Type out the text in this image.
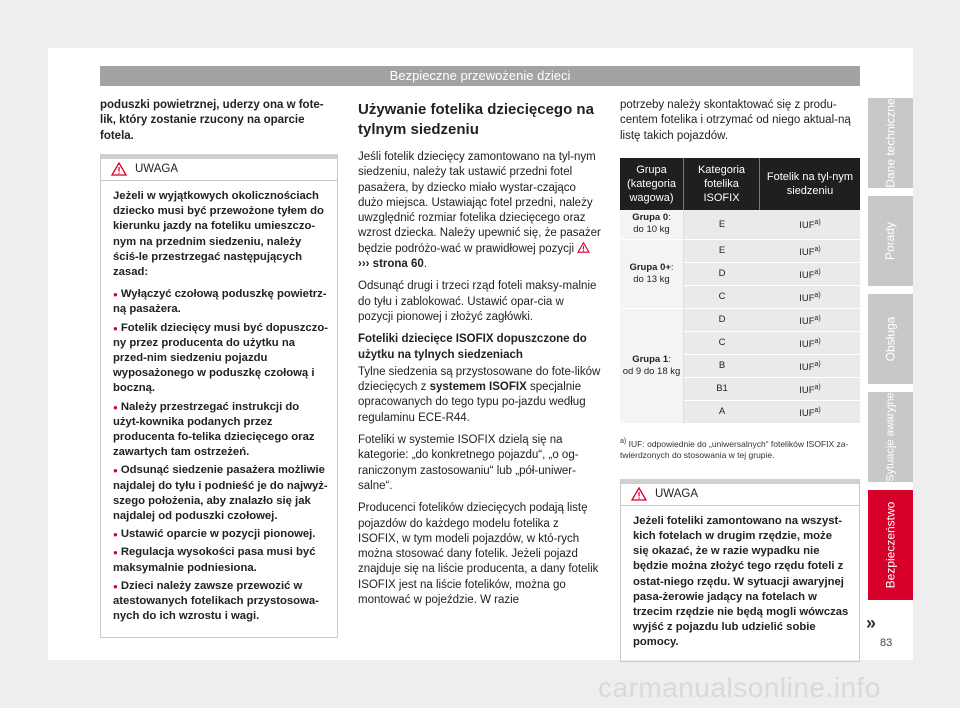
Bezpieczne przewożenie dzieci

poduszki powietrznej, uderzy ona w fote-lik, który zostanie rzucony na oparcie fotela.

UWAGA

Jeżeli w wyjątkowych okolicznościach dziecko musi być przewożone tyłem do kierunku jazdy na foteliku umieszczo-nym na przednim siedzeniu, należy ściś-le przestrzegać następujących zasad:

● Wyłączyć czołową poduszkę powietrz-ną pasażera.

● Fotelik dziecięcy musi być dopuszczo-ny przez producenta do użytku na przed-nim siedzeniu pojazdu wyposażonego w poduszkę czołową i boczną.

● Należy przestrzegać instrukcji do użyt-kownika podanych przez producenta fo-telika dziecięcego oraz zawartych tam ostrzeżeń.

● Odsunąć siedzenie pasażera możliwie najdalej do tyłu i podnieść je do najwyż-szego położenia, aby znalazło się jak najdalej od poduszki czołowej.

● Ustawić oparcie w pozycji pionowej.

● Regulacja wysokości pasa musi być maksymalnie podniesiona.

● Dzieci należy zawsze przewozić w atestowanych fotelikach przystosowa-nych do ich wzrostu i wagi.

Używanie fotelika dziecięcego na tylnym siedzeniu

Jeśli fotelik dziecięcy zamontowano na tyl-nym siedzeniu, należy tak ustawić przedni fotel pasażera, by dziecko miało wystar-czająco dużo miejsca. Ustawiając fotel przedni, należy uwzględnić rozmiar fotelika dziecięcego oraz wzrost dziecka. Należy upewnić się, że pasażer będzie podróżo-wać w prawidłowej pozycji  ››› strona 60.

Odsunąć drugi i trzeci rząd foteli maksy-malnie do tyłu i zablokować. Ustawić opar-cia w pozycji pionowej i złożyć zagłówki.

Foteliki dziecięce ISOFIX dopuszczone do użytku na tylnych siedzeniach

Tylne siedzenia są przystosowane do fote-lików dziecięcych z systemem ISOFIX specjalnie opracowanych do tego typu po-jazdu według regulaminu ECE-R44.

Foteliki w systemie ISOFIX dzielą się na kategorie: „do konkretnego pojazdu“, „o og-raniczonym zastosowaniu“ lub „pół-uniwer-salne“.

Producenci fotelików dziecięcych podają listę pojazdów do każdego modelu fotelika z ISOFIX, w tym modeli pojazdów, w któ-rych można stosować dany fotelik. Jeżeli pojazd znajduje się na liście producenta, a dany fotelik ISOFIX jest na liście fotelików, można go montować w pojeździe. W razie

potrzeby należy skontaktować się z produ-centem fotelika i otrzymać od niego aktual-ną listę takich pojazdów.

Grupa (kategoria wagowa)	Kategoria fotelika ISOFIX	Fotelik na tyl-nym siedzeniu
Grupa 0:
do 10 kg	E	IUF$^{a)}$
Grupa 0+:
do 13 kg	E	IUF$^{a)}$
	D	IUF$^{a)}$
	C	IUF$^{a)}$
Grupa 1:
od 9 do 18 kg	D	IUF$^{a)}$
	C	IUF$^{a)}$
	B	IUF$^{a)}$
	B1	IUF$^{a)}$
	A	IUF$^{a)}$
$^{a)}$ IUF: odpowiednie do „uniwersalnych“ fotelików ISOFIX za-twierdzonych do stosowania w tej grupie.
UWAGA
Jeżeli foteliki zamontowano na wszyst-kich fotelach w drugim rzędzie, może się okazać, że w razie wypadku nie będzie można złożyć tego rzędu foteli z ostat-niego rzędu. W sytuacji awaryjnej pasa-żerowie jadący na fotelach w trzecim rzędzie nie będą mogli wówczas wyjść z pojazdu lub udzielić sobie pomocy.
Dane techniczne
Porady
Obsługa
Sytuacje awaryjne
Bezpieczeństwo
»
83
carmanualsonline.info
